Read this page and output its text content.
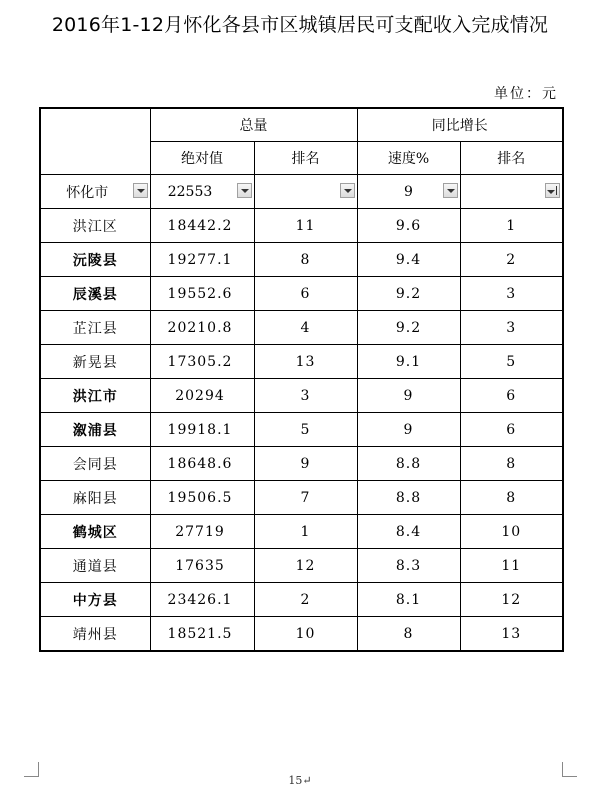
2016年1-12月怀化各县市区城镇居民可支配收入完成情况
单位：元
	总量		同比增长	
	绝对值	排名	速度%	排名
怀化市	22553		9

洪江区	18442.2	11	9.6	1
沅陵县	19277.1	8	9.4	2
辰溪县	19552.6	6	9.2	3
芷江县	20210.8	4	9.2	3
新晃县	17305.2	13	9.1	5
洪江市	20294	3	9	6
溆浦县	19918.1	5	9	6
会同县	18648.6	9	8.8	8
麻阳县	19506.5	7	8.8	8
鹤城区	27719	1	8.4	10
通道县	17635	12	8.3	11
中方县	23426.1	2	8.1	12
靖州县	18521.5	10	8	13
15↵
